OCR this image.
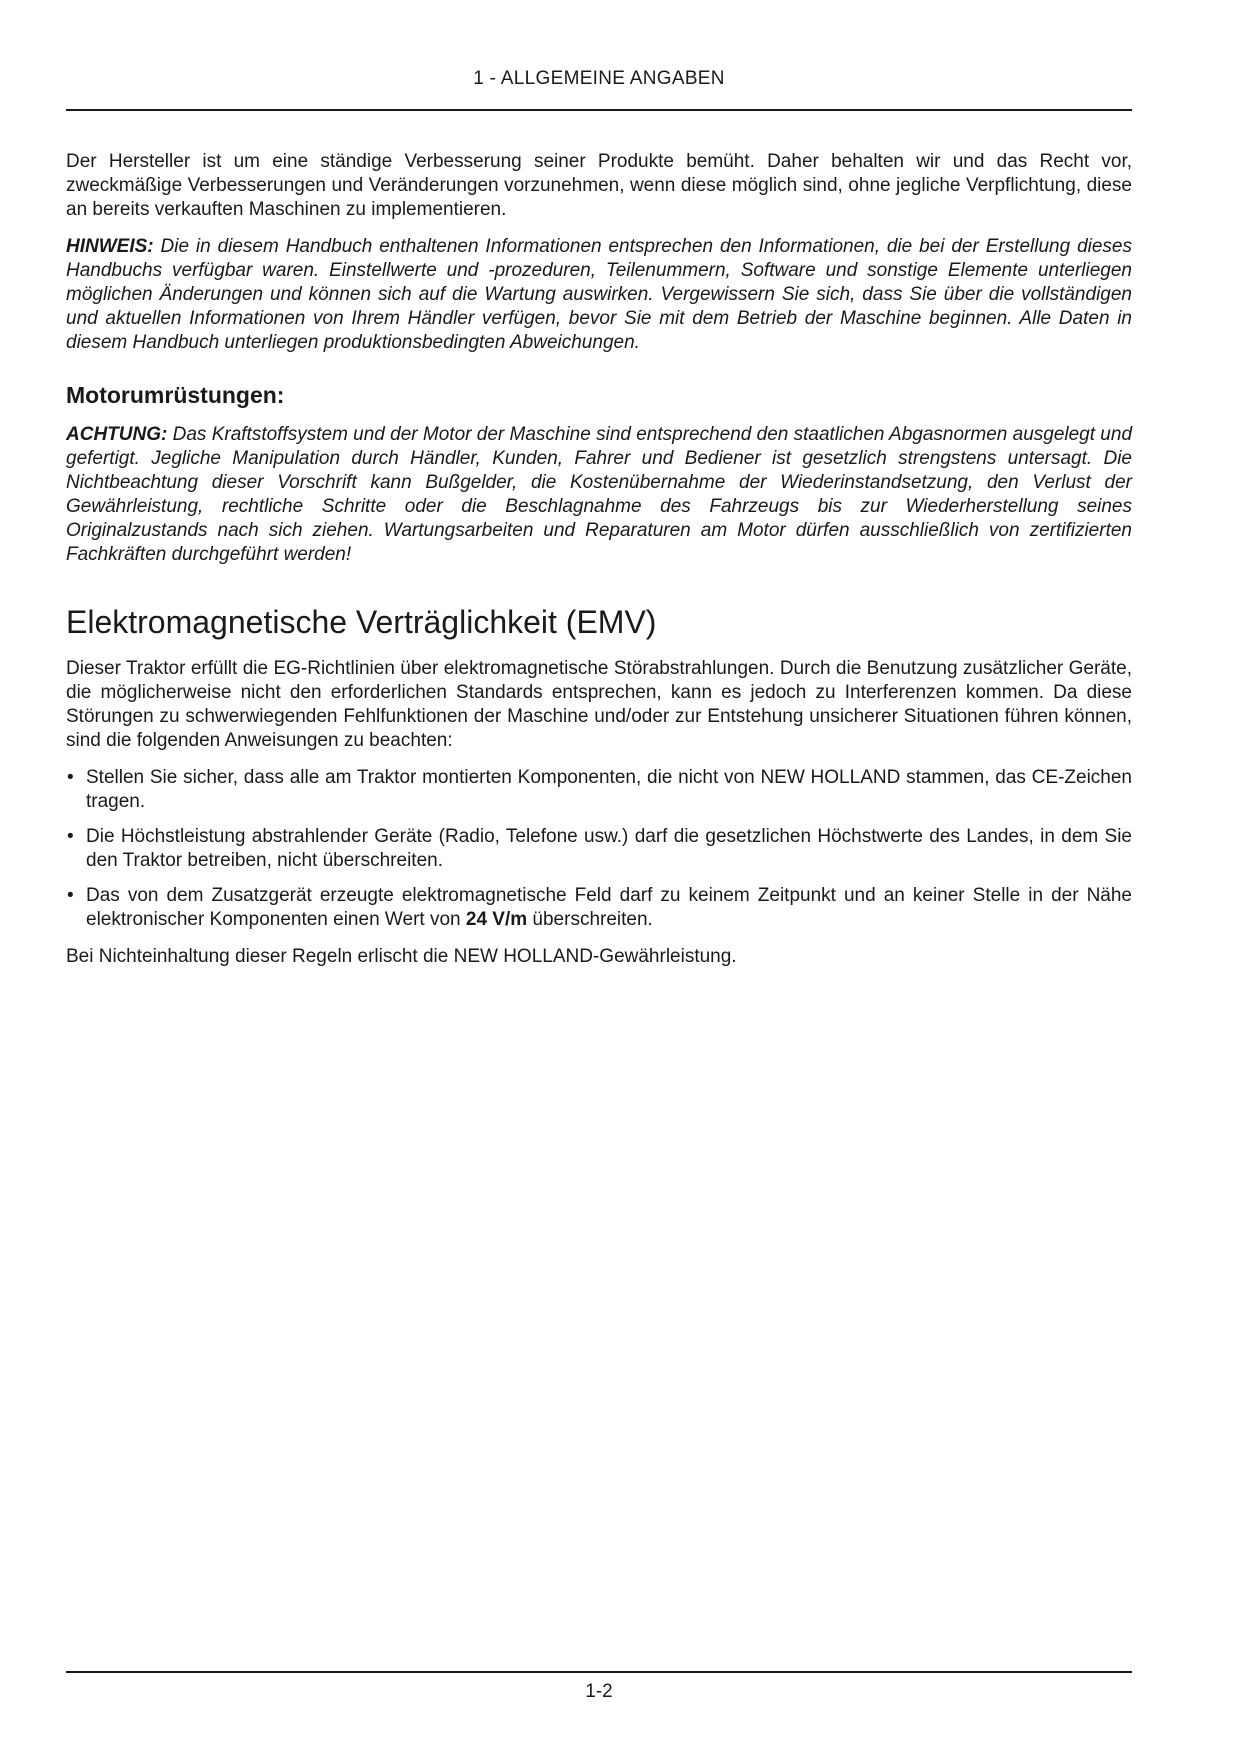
1 - ALLGEMEINE ANGABEN

Der Hersteller ist um eine ständige Verbesserung seiner Produkte bemüht. Daher behalten wir und das Recht vor, zweckmäßige Verbesserungen und Veränderungen vorzunehmen, wenn diese möglich sind, ohne jegliche Verpflichtung, diese an bereits verkauften Maschinen zu implementieren.

HINWEIS: Die in diesem Handbuch enthaltenen Informationen entsprechen den Informationen, die bei der Erstellung dieses Handbuchs verfügbar waren. Einstellwerte und -prozeduren, Teilenummern, Software und sonstige Elemente unterliegen möglichen Änderungen und können sich auf die Wartung auswirken. Vergewissern Sie sich, dass Sie über die vollständigen und aktuellen Informationen von Ihrem Händler verfügen, bevor Sie mit dem Betrieb der Maschine beginnen. Alle Daten in diesem Handbuch unterliegen produktionsbedingten Abweichungen.

Motorumrüstungen:

ACHTUNG: Das Kraftstoffsystem und der Motor der Maschine sind entsprechend den staatlichen Abgasnormen ausgelegt und gefertigt. Jegliche Manipulation durch Händler, Kunden, Fahrer und Bediener ist gesetzlich strengstens untersagt. Die Nichtbeachtung dieser Vorschrift kann Bußgelder, die Kostenübernahme der Wiederinstandsetzung, den Verlust der Gewährleistung, rechtliche Schritte oder die Beschlagnahme des Fahrzeugs bis zur Wiederherstellung seines Originalzustands nach sich ziehen. Wartungsarbeiten und Reparaturen am Motor dürfen ausschließlich von zertifizierten Fachkräften durchgeführt werden!

Elektromagnetische Verträglichkeit (EMV)

Dieser Traktor erfüllt die EG-Richtlinien über elektromagnetische Störabstrahlungen. Durch die Benutzung zusätzlicher Geräte, die möglicherweise nicht den erforderlichen Standards entsprechen, kann es jedoch zu Interferenzen kommen. Da diese Störungen zu schwerwiegenden Fehlfunktionen der Maschine und/oder zur Entstehung unsicherer Situationen führen können, sind die folgenden Anweisungen zu beachten:

• Stellen Sie sicher, dass alle am Traktor montierten Komponenten, die nicht von NEW HOLLAND stammen, das CE-Zeichen tragen.
• Die Höchstleistung abstrahlender Geräte (Radio, Telefone usw.) darf die gesetzlichen Höchstwerte des Landes, in dem Sie den Traktor betreiben, nicht überschreiten.
• Das von dem Zusatzgerät erzeugte elektromagnetische Feld darf zu keinem Zeitpunkt und an keiner Stelle in der Nähe elektronischer Komponenten einen Wert von 24 V/m überschreiten.

Bei Nichteinhaltung dieser Regeln erlischt die NEW HOLLAND-Gewährleistung.

1-2
